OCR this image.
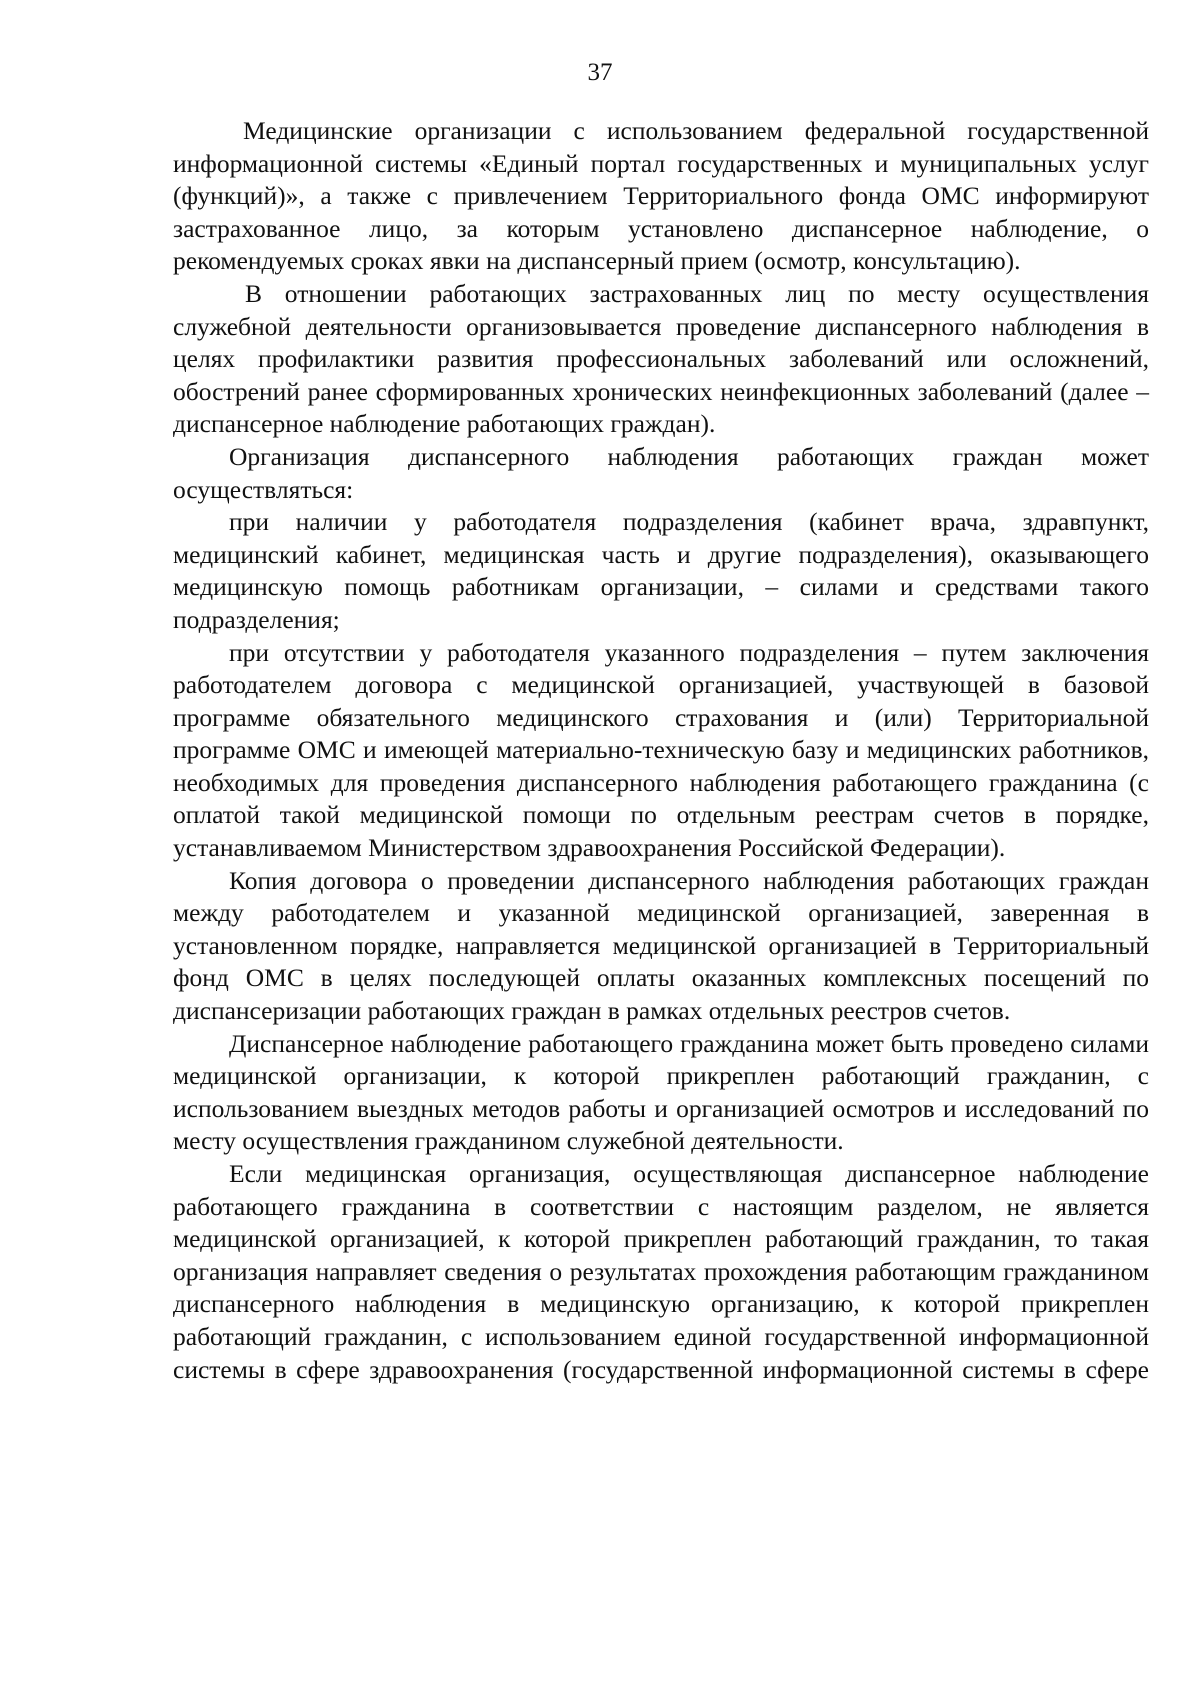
37

Медицинские организации с использованием федеральной государственной информационной системы «Единый портал государственных и муниципальных услуг (функций)», а также с привлечением Территориального фонда ОМС информируют застрахованное лицо, за которым установлено диспансерное наблюдение, о рекомендуемых сроках явки на диспансерный прием (осмотр, консультацию).

В отношении работающих застрахованных лиц по месту осуществления служебной деятельности организовывается проведение диспансерного наблюдения в целях профилактики развития профессиональных заболеваний или осложнений, обострений ранее сформированных хронических неинфекционных заболеваний (далее – диспансерное наблюдение работающих граждан).

Организация диспансерного наблюдения работающих граждан может осуществляться:

при наличии у работодателя подразделения (кабинет врача, здравпункт, медицинский кабинет, медицинская часть и другие подразделения), оказывающего медицинскую помощь работникам организации, – силами и средствами такого подразделения;

при отсутствии у работодателя указанного подразделения – путем заключения работодателем договора с медицинской организацией, участвующей в базовой программе обязательного медицинского страхования и (или) Территориальной программе ОМС и имеющей материально-техническую базу и медицинских работников, необходимых для проведения диспансерного наблюдения работающего гражданина (с оплатой такой медицинской помощи по отдельным реестрам счетов в порядке, устанавливаемом Министерством здравоохранения Российской Федерации).

Копия договора о проведении диспансерного наблюдения работающих граждан между работодателем и указанной медицинской организацией, заверенная в установленном порядке, направляется медицинской организацией в Территориальный фонд ОМС в целях последующей оплаты оказанных комплексных посещений по диспансеризации работающих граждан в рамках отдельных реестров счетов.

Диспансерное наблюдение работающего гражданина может быть проведено силами медицинской организации, к которой прикреплен работающий гражданин, с использованием выездных методов работы и организацией осмотров и исследований по месту осуществления гражданином служебной деятельности.

Если медицинская организация, осуществляющая диспансерное наблюдение работающего гражданина в соответствии с настоящим разделом, не является медицинской организацией, к которой прикреплен работающий гражданин, то такая организация направляет сведения о результатах прохождения работающим гражданином диспансерного наблюдения в медицинскую организацию, к которой прикреплен работающий гражданин, с использованием единой государственной информационной системы в сфере здравоохранения (государственной информационной системы в сфере
